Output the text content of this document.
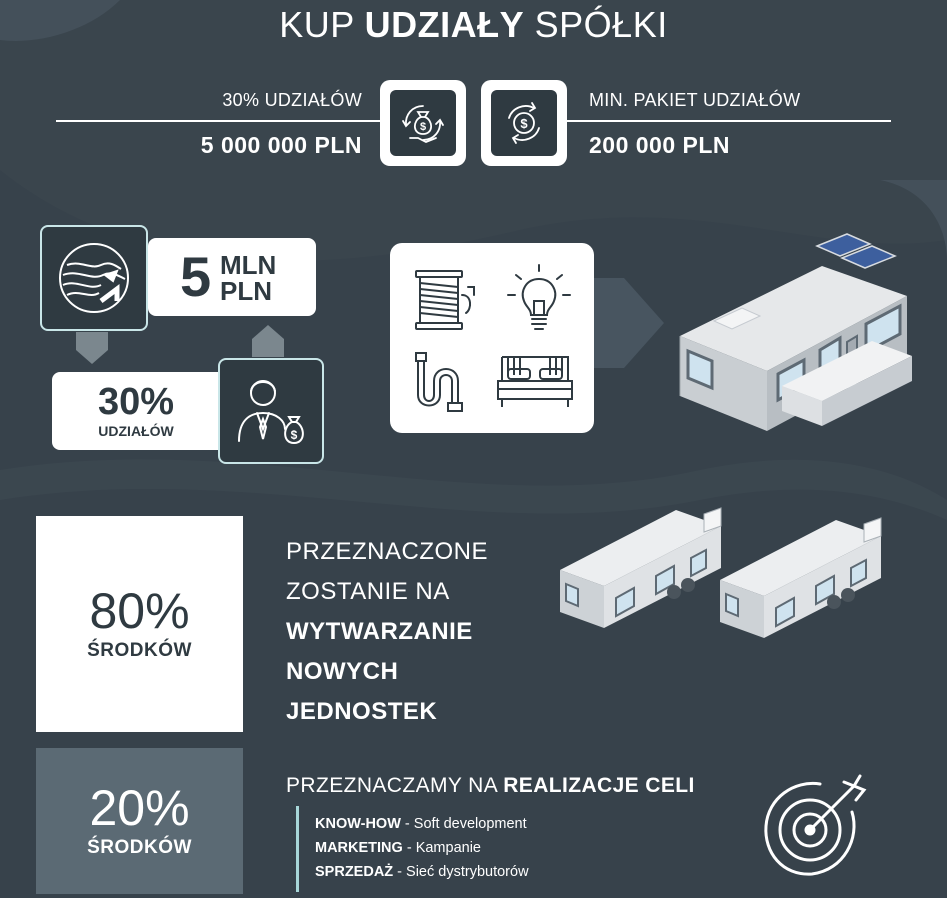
KUP UDZIAŁY SPÓŁKI
30% UDZIAŁÓW
5 000 000 PLN
MIN. PAKIET UDZIAŁÓW
200 000 PLN
$	$
5 MLN
PLN
30%
UDZIAŁÓW	$
80%
ŚRODKÓW
PRZEZNACZONE
ZOSTANIE NA
WYTWARZANIE
NOWYCH
JEDNOSTEK
20%
ŚRODKÓW
PRZEZNACZAMY NA REALIZACJE CELI
KNOW-HOW - Soft development
MARKETING - Kampanie
SPRZEDAŻ - Sieć dystrybutorów
